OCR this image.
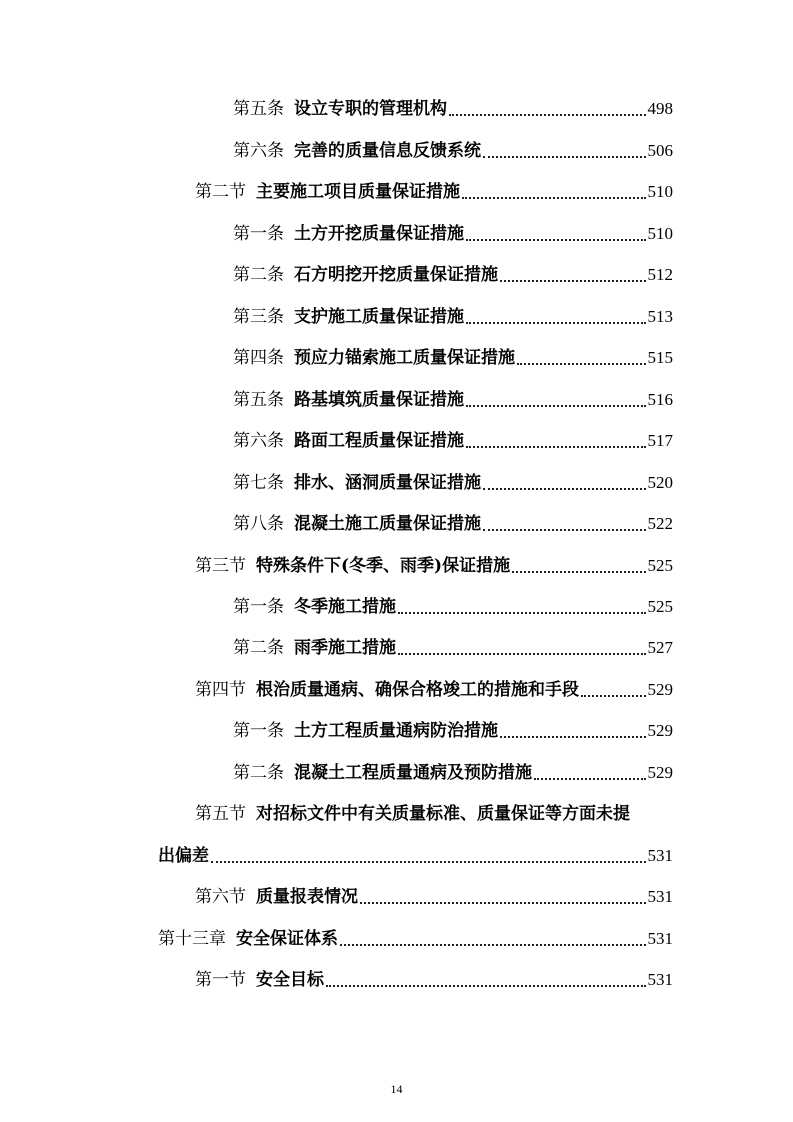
第五条 设立专职的管理机构	498
第六条 完善的质量信息反馈系统	506
第二节 主要施工项目质量保证措施	510
第一条 土方开挖质量保证措施	510
第二条 石方明挖开挖质量保证措施	512
第三条 支护施工质量保证措施	513
第四条 预应力锚索施工质量保证措施	515
第五条 路基填筑质量保证措施	516
第六条 路面工程质量保证措施	517
第七条 排水、涵洞质量保证措施	520
第八条 混凝土施工质量保证措施	522
第三节 特殊条件下(冬季、雨季)保证措施	525
第一条 冬季施工措施	525
第二条 雨季施工措施	527
第四节 根治质量通病、确保合格竣工的措施和手段	529
第一条 土方工程质量通病防治措施	529
第二条 混凝土工程质量通病及预防措施	529
第五节 对招标文件中有关质量标准、质量保证等方面未提
出偏差	531
第六节 质量报表情况	531
第十三章 安全保证体系	531
第一节 安全目标	531
14
